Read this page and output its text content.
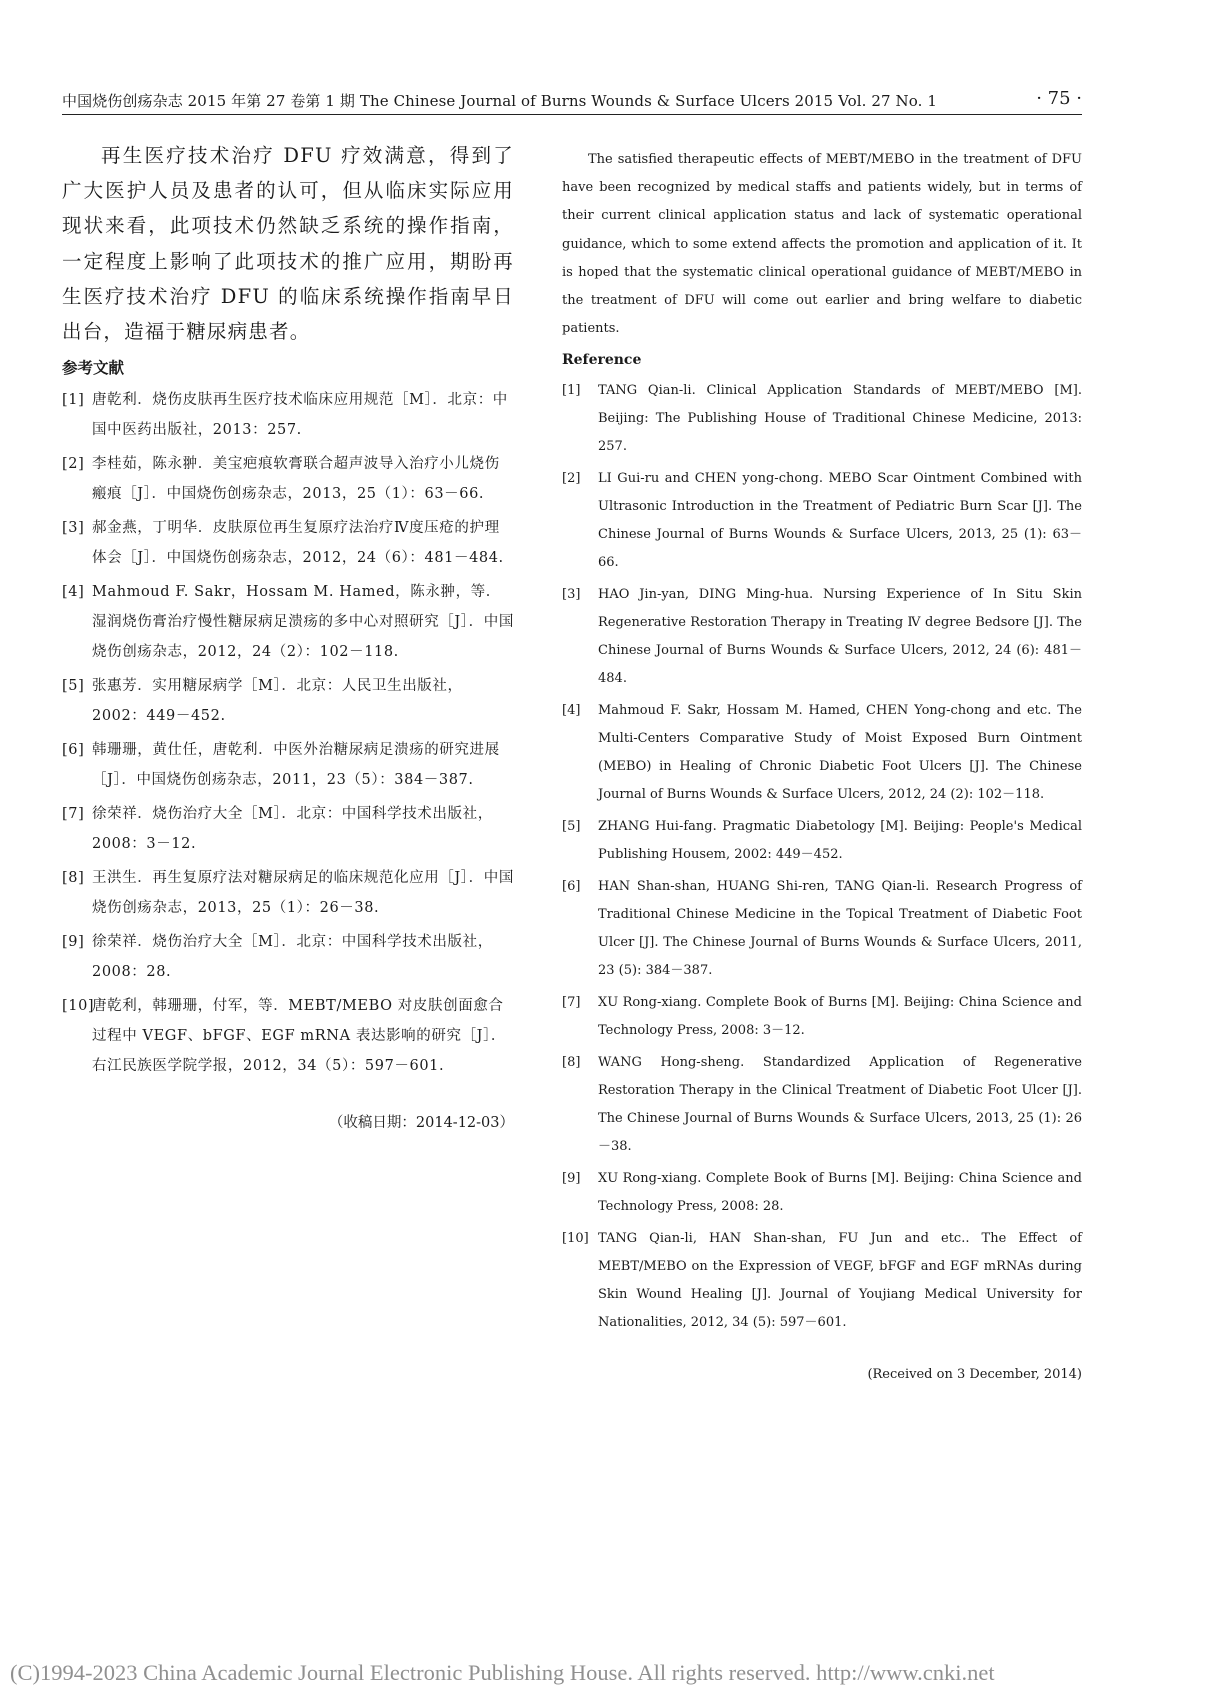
中国烧伤创疡杂志 2015 年第 27 卷第 1 期 The Chinese Journal of Burns Wounds & Surface Ulcers 2015 Vol. 27 No. 1	· 75 ·

再生医疗技术治疗 DFU 疗效满意，得到了广大医护人员及患者的认可，但从临床实际应用现状来看，此项技术仍然缺乏系统的操作指南，一定程度上影响了此项技术的推广应用，期盼再生医疗技术治疗 DFU 的临床系统操作指南早日出台，造福于糖尿病患者。

参考文献
[1] 唐乾利．烧伤皮肤再生医疗技术临床应用规范［M］．北京：中国中医药出版社，2013：257.
[2] 李桂茹，陈永翀．美宝疤痕软膏联合超声波导入治疗小儿烧伤瘢痕［J］．中国烧伤创疡杂志，2013，25（1）：63－66.
[3] 郝金燕，丁明华．皮肤原位再生复原疗法治疗Ⅳ度压疮的护理体会［J］．中国烧伤创疡杂志，2012，24（6）：481－484.
[4] Mahmoud F. Sakr，Hossam M. Hamed，陈永翀，等．湿润烧伤膏治疗慢性糖尿病足溃疡的多中心对照研究［J］．中国烧伤创疡杂志，2012，24（2）：102－118.
[5] 张惠芳．实用糖尿病学［M］．北京：人民卫生出版社，2002：449－452.
[6] 韩珊珊，黄仕任，唐乾利．中医外治糖尿病足溃疡的研究进展［J］．中国烧伤创疡杂志，2011，23（5）：384－387.
[7] 徐荣祥．烧伤治疗大全［M］．北京：中国科学技术出版社，2008：3－12.
[8] 王洪生．再生复原疗法对糖尿病足的临床规范化应用［J］．中国烧伤创疡杂志，2013，25（1）：26－38.
[9] 徐荣祥．烧伤治疗大全［M］．北京：中国科学技术出版社，2008：28.
[10]
唐乾利，韩珊珊，付军，等．MEBT/MEBO 对皮肤创面愈合过程中 VEGF、bFGF、EGF mRNA 表达影响的研究［J］．右江民族医学院学报，2012，34（5）：597－601.
（收稿日期：2014-12-03）

The satisfied therapeutic effects of MEBT/MEBO in the treatment of DFU have been recognized by medical staffs and patients widely, but in terms of their current clinical application status and lack of systematic operational guidance, which to some extend affects the promotion and application of it. It is hoped that the systematic clinical operational guidance of MEBT/MEBO in the treatment of DFU will come out earlier and bring welfare to diabetic patients.

Reference
[1] TANG Qian-li. Clinical Application Standards of MEBT/MEBO [M]. Beijing: The Publishing House of Traditional Chinese Medicine, 2013: 257.
[2] LI Gui-ru and CHEN yong-chong. MEBO Scar Ointment Combined with Ultrasonic Introduction in the Treatment of Pediatric Burn Scar [J]. The Chinese Journal of Burns Wounds & Surface Ulcers, 2013, 25 (1): 63－66.
[3] HAO Jin-yan, DING Ming-hua. Nursing Experience of In Situ Skin Regenerative Restoration Therapy in Treating Ⅳ degree Bedsore [J]. The Chinese Journal of Burns Wounds & Surface Ulcers, 2012, 24 (6): 481－484.
[4] Mahmoud F. Sakr, Hossam M. Hamed, CHEN Yong-chong and etc. The Multi-Centers Comparative Study of Moist Exposed Burn Ointment (MEBO) in Healing of Chronic Diabetic Foot Ulcers [J]. The Chinese Journal of Burns Wounds & Surface Ulcers, 2012, 24 (2): 102－118.
[5] ZHANG Hui-fang. Pragmatic Diabetology [M]. Beijing: People's Medical Publishing Housem, 2002: 449－452.
[6] HAN Shan-shan, HUANG Shi-ren, TANG Qian-li. Research Progress of Traditional Chinese Medicine in the Topical Treatment of Diabetic Foot Ulcer [J]. The Chinese Journal of Burns Wounds & Surface Ulcers, 2011, 23 (5): 384－387.
[7] XU Rong-xiang. Complete Book of Burns [M]. Beijing: China Science and Technology Press, 2008: 3－12.
[8] WANG Hong-sheng. Standardized Application of Regenerative Restoration Therapy in the Clinical Treatment of Diabetic Foot Ulcer [J]. The Chinese Journal of Burns Wounds & Surface Ulcers, 2013, 25 (1): 26－38.
[9] XU Rong-xiang. Complete Book of Burns [M]. Beijing: China Science and Technology Press, 2008: 28.
[10] TANG Qian-li, HAN Shan-shan, FU Jun and etc.. The Effect of MEBT/MEBO on the Expression of VEGF, bFGF and EGF mRNAs during Skin Wound Healing [J]. Journal of Youjiang Medical University for Nationalities, 2012, 34 (5): 597－601.
(Received on 3 December, 2014)
(C)1994-2023 China Academic Journal Electronic Publishing House. All rights reserved. http://www.cnki.net
